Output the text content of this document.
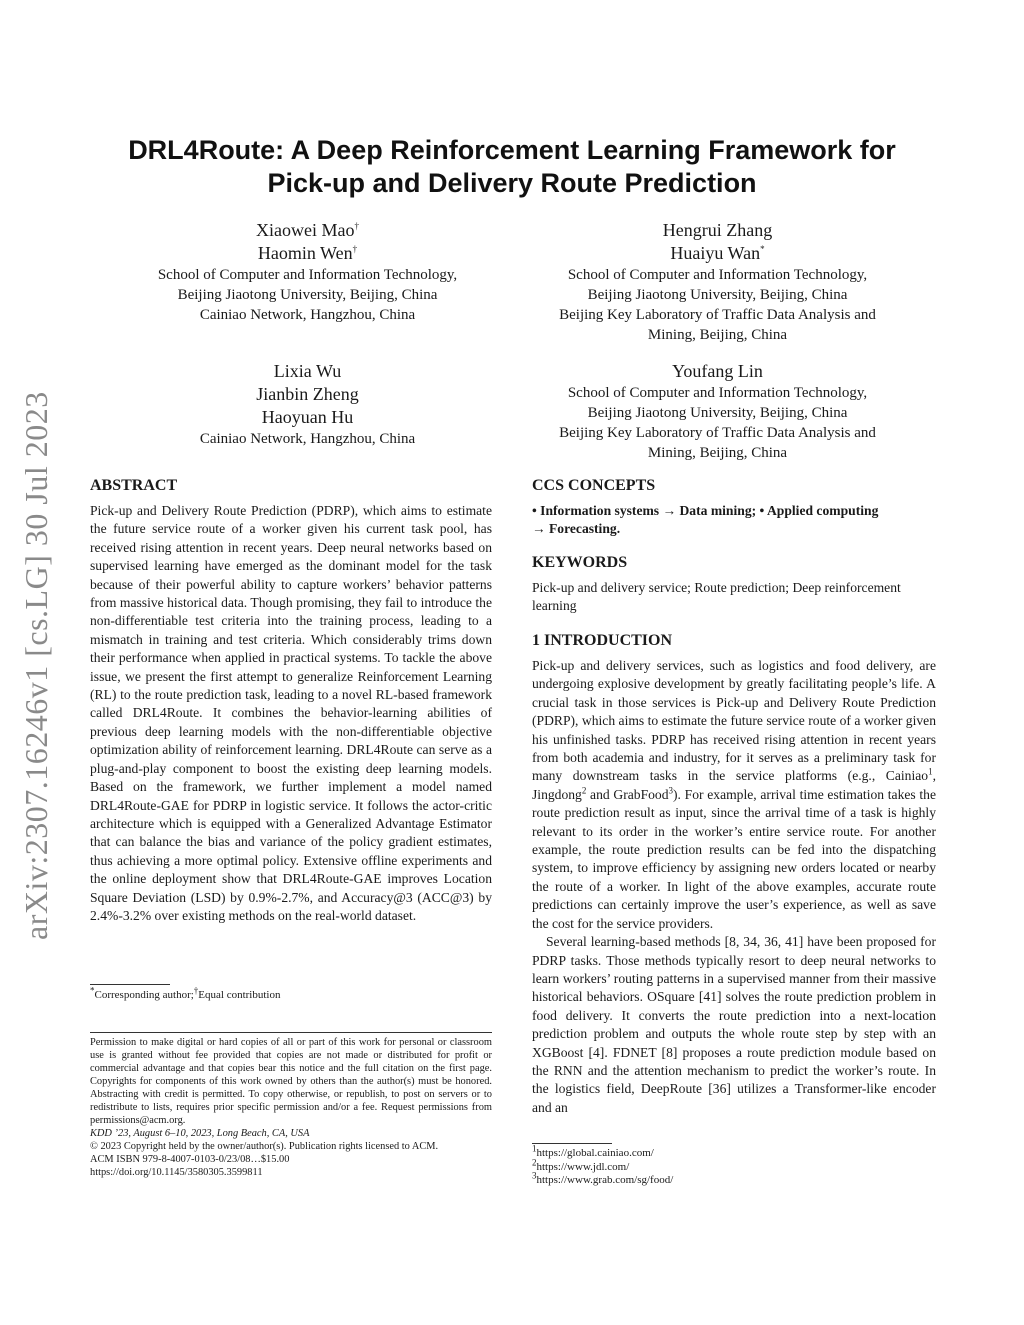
arXiv:2307.16246v1 [cs.LG] 30 Jul 2023
DRL4Route: A Deep Reinforcement Learning Framework for
Pick-up and Delivery Route Prediction
Xiaowei Mao†
Haomin Wen†
School of Computer and Information Technology,
Beijing Jiaotong University, Beijing, China
Cainiao Network, Hangzhou, China
Hengrui Zhang
Huaiyu Wan*
School of Computer and Information Technology,
Beijing Jiaotong University, Beijing, China
Beijing Key Laboratory of Traffic Data Analysis and
Mining, Beijing, China
Lixia Wu
Jianbin Zheng
Haoyuan Hu
Cainiao Network, Hangzhou, China
Youfang Lin
School of Computer and Information Technology,
Beijing Jiaotong University, Beijing, China
Beijing Key Laboratory of Traffic Data Analysis and
Mining, Beijing, China
ABSTRACT
Pick-up and Delivery Route Prediction (PDRP), which aims to estimate the future service route of a worker given his current task pool, has received rising attention in recent years. Deep neural networks based on supervised learning have emerged as the dominant model for the task because of their powerful ability to capture workers’ behavior patterns from massive historical data. Though promising, they fail to introduce the non-differentiable test criteria into the training process, leading to a mismatch in training and test criteria. Which considerably trims down their performance when applied in practical systems. To tackle the above issue, we present the first attempt to generalize Reinforcement Learning (RL) to the route prediction task, leading to a novel RL-based framework called DRL4Route. It combines the behavior-learning abilities of previous deep learning models with the non-differentiable objective optimization ability of reinforcement learning. DRL4Route can serve as a plug-and-play component to boost the existing deep learning models. Based on the framework, we further implement a model named DRL4Route-GAE for PDRP in logistic service. It follows the actor-critic architecture which is equipped with a Generalized Advantage Estimator that can balance the bias and variance of the policy gradient estimates, thus achieving a more optimal policy. Extensive offline experiments and the online deployment show that DRL4Route-GAE improves Location Square Deviation (LSD) by 0.9%-2.7%, and Accuracy@3 (ACC@3) by 2.4%-3.2% over existing methods on the real-world dataset.
*Corresponding author;†Equal contribution
Permission to make digital or hard copies of all or part of this work for personal or classroom use is granted without fee provided that copies are not made or distributed for profit or commercial advantage and that copies bear this notice and the full citation on the first page. Copyrights for components of this work owned by others than the author(s) must be honored. Abstracting with credit is permitted. To copy otherwise, or republish, to post on servers or to redistribute to lists, requires prior specific permission and/or a fee. Request permissions from permissions@acm.org.
KDD ’23, August 6–10, 2023, Long Beach, CA, USA
© 2023 Copyright held by the owner/author(s). Publication rights licensed to ACM.
ACM ISBN 979-8-4007-0103-0/23/08…$15.00
https://doi.org/10.1145/3580305.3599811
CCS CONCEPTS
• Information systems → Data mining; • Applied computing
→ Forecasting.
KEYWORDS
Pick-up and delivery service; Route prediction; Deep reinforcement learning
1 INTRODUCTION

Pick-up and delivery services, such as logistics and food delivery, are undergoing explosive development by greatly facilitating people’s life. A crucial task in those services is Pick-up and Delivery Route Prediction (PDRP), which aims to estimate the future service route of a worker given his unfinished tasks. PDRP has received rising attention in recent years from both academia and industry, for it serves as a preliminary task for many downstream tasks in the service platforms (e.g., Cainiao$^1$, Jingdong$^2$ and GrabFood$^3$). For example, arrival time estimation takes the route prediction result as input, since the arrival time of a task is highly relevant to its order in the worker’s entire service route. For another example, the route prediction results can be fed into the dispatching system, to improve efficiency by assigning new orders located or nearby the route of a worker. In light of the above examples, accurate route predictions can certainly improve the user’s experience, as well as save the cost for the service providers.

Several learning-based methods [8, 34, 36, 41] have been proposed for PDRP tasks. Those methods typically resort to deep neural networks to learn workers’ routing patterns in a supervised manner from their massive historical behaviors. OSquare [41] solves the route prediction problem in food delivery. It converts the route prediction into a next-location prediction problem and outputs the whole route step by step with an XGBoost [4]. FDNET [8] proposes a route prediction module based on the RNN and the attention mechanism to predict the worker’s route. In the logistics field, DeepRoute [36] utilizes a Transformer-like encoder and an

$^1$https://global.cainiao.com/
$^2$https://www.jdl.com/
$^3$https://www.grab.com/sg/food/
